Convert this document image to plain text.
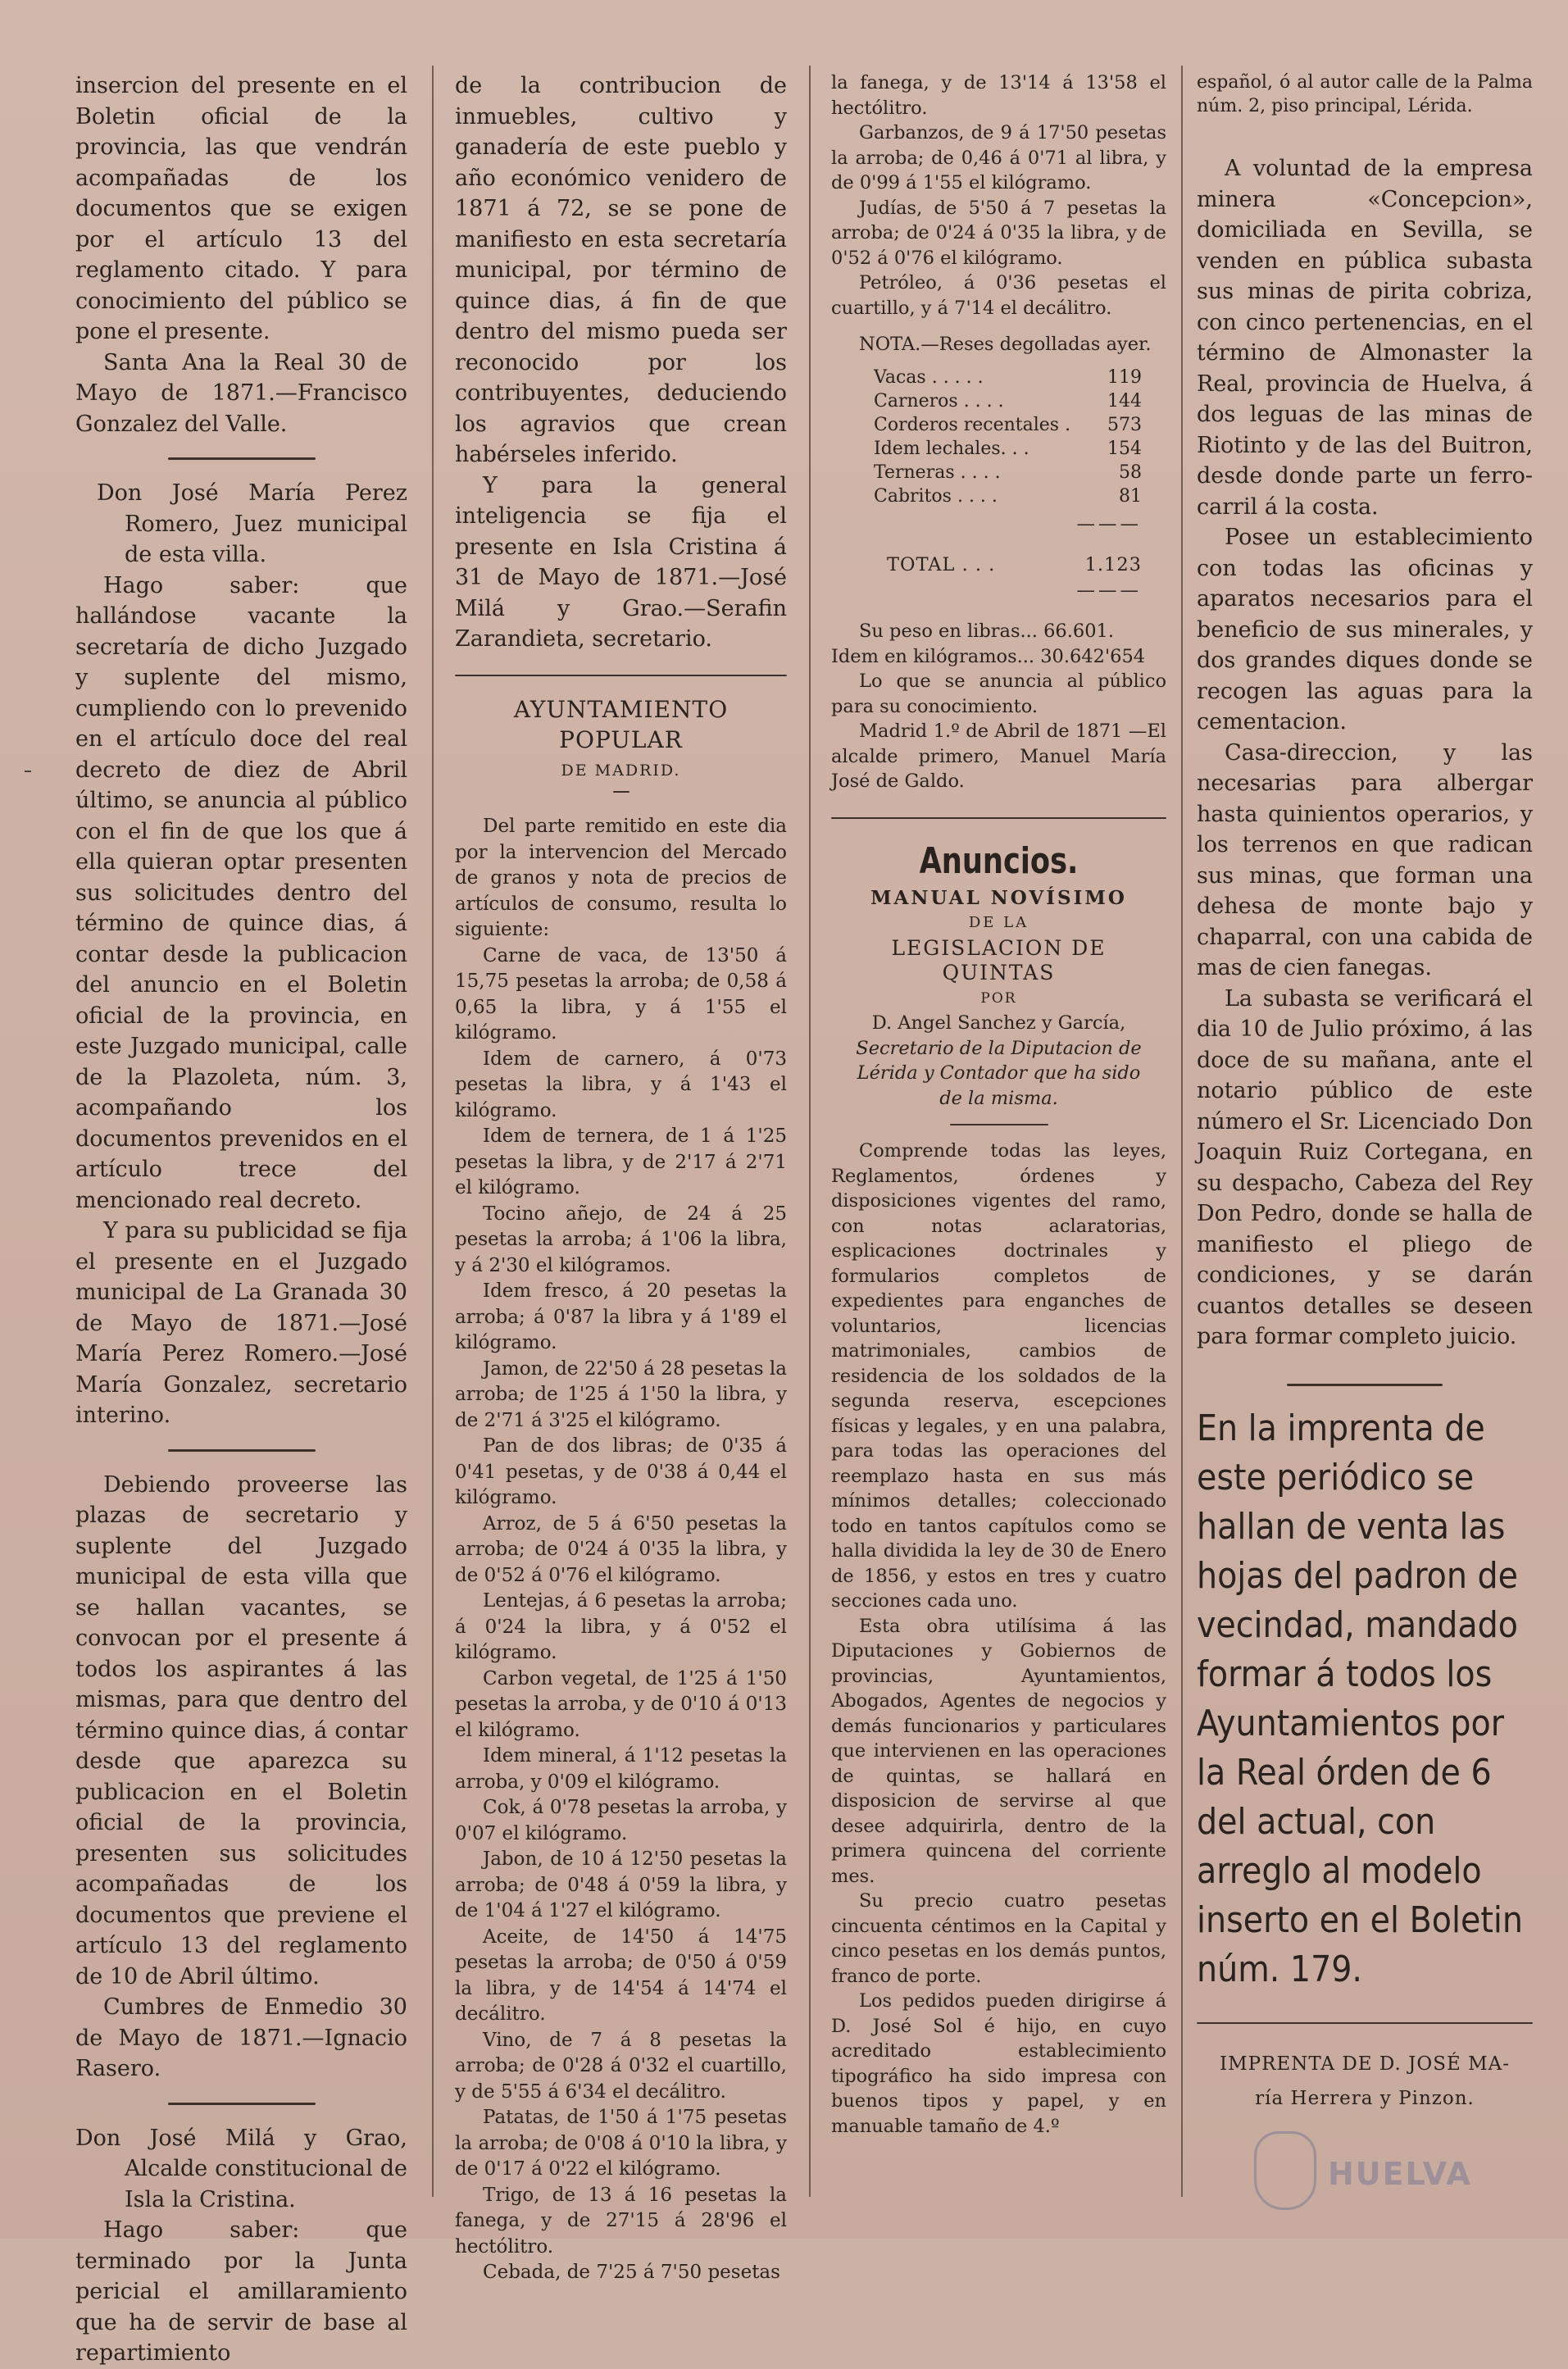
insercion del presente en el Boletin oficial de la provincia, las que vendrán acompañadas de los documentos que se exigen por el artículo 13 del reglamento citado. Y para conocimiento del público se pone el presente.

Santa Ana la Real 30 de Mayo de 1871.—Francisco Gonzalez del Valle.

Don José María Perez Romero, Juez municipal de esta villa.

Hago saber: que hallándose vacante la secretaría de dicho Juzgado y suplente del mismo, cumpliendo con lo prevenido en el artículo doce del real decreto de diez de Abril último, se anuncia al público con el fin de que los que á ella quieran optar presenten sus solicitudes dentro del término de quince dias, á contar desde la publicacion del anuncio en el Boletin oficial de la provincia, en este Juzgado municipal, calle de la Plazoleta, núm. 3, acompañando los documentos prevenidos en el artículo trece del mencionado real decreto.

Y para su publicidad se fija el presente en el Juzgado municipal de La Granada 30 de Mayo de 1871.—José María Perez Romero.—José María Gonzalez, secretario interino.

Debiendo proveerse las plazas de secretario y suplente del Juzgado municipal de esta villa que se hallan vacantes, se convocan por el presente á todos los aspirantes á las mismas, para que dentro del término quince dias, á contar desde que aparezca su publicacion en el Boletin oficial de la provincia, presenten sus solicitudes acompañadas de los documentos que previene el artículo 13 del reglamento de 10 de Abril último.

Cumbres de Enmedio 30 de Mayo de 1871.—Ignacio Rasero.

Don José Milá y Grao, Alcalde constitucional de Isla la Cristina.

Hago saber: que terminado por la Junta pericial el amillaramiento que ha de servir de base al repartimiento

de la contribucion de inmuebles, cultivo y ganadería de este pueblo y año económico venidero de 1871 á 72, se se pone de manifiesto en esta secretaría municipal, por término de quince dias, á fin de que dentro del mismo pueda ser reconocido por los contribuyentes, deduciendo los agravios que crean habérseles inferido.

Y para la general inteligencia se fija el presente en Isla Cristina á 31 de Mayo de 1871.—José Milá y Grao.—Serafin Zarandieta, secretario.

AYUNTAMIENTO POPULAR

DE MADRID.

Del parte remitido en este dia por la intervencion del Mercado de granos y nota de precios de artículos de consumo, resulta lo siguiente:

Carne de vaca, de 13'50 á 15,75 pesetas la arroba; de 0,58 á 0,65 la libra, y á 1'55 el kilógramo.

Idem de carnero, á 0'73 pesetas la libra, y á 1'43 el kilógramo.

Idem de ternera, de 1 á 1'25 pesetas la libra, y de 2'17 á 2'71 el kilógramo.

Tocino añejo, de 24 á 25 pesetas la arroba; á 1'06 la libra, y á 2'30 el kilógramos.

Idem fresco, á 20 pesetas la arroba; á 0'87 la libra y á 1'89 el kilógramo.

Jamon, de 22'50 á 28 pesetas la arroba; de 1'25 á 1'50 la libra, y de 2'71 á 3'25 el kilógramo.

Pan de dos libras; de 0'35 á 0'41 pesetas, y de 0'38 á 0,44 el kilógramo.

Arroz, de 5 á 6'50 pesetas la arroba; de 0'24 á 0'35 la libra, y de 0'52 á 0'76 el kilógramo.

Lentejas, á 6 pesetas la arroba; á 0'24 la libra, y á 0'52 el kilógramo.

Carbon vegetal, de 1'25 á 1'50 pesetas la arroba, y de 0'10 á 0'13 el kilógramo.

Idem mineral, á 1'12 pesetas la arroba, y 0'09 el kilógramo.

Cok, á 0'78 pesetas la arroba, y 0'07 el kilógramo.

Jabon, de 10 á 12'50 pesetas la arroba; de 0'48 á 0'59 la libra, y de 1'04 á 1'27 el kilógramo.

Aceite, de 14'50 á 14'75 pesetas la arroba; de 0'50 á 0'59 la libra, y de 14'54 á 14'74 el decálitro.

Vino, de 7 á 8 pesetas la arroba; de 0'28 á 0'32 el cuartillo, y de 5'55 á 6'34 el decálitro.

Patatas, de 1'50 á 1'75 pesetas la arroba; de 0'08 á 0'10 la libra, y de 0'17 á 0'22 el kilógramo.

Trigo, de 13 á 16 pesetas la fanega, y de 27'15 á 28'96 el hectólitro.

Cebada, de 7'25 á 7'50 pesetas

la fanega, y de 13'14 á 13'58 el hectólitro.

Garbanzos, de 9 á 17'50 pesetas la arroba; de 0,46 á 0'71 al libra, y de 0'99 á 1'55 el kilógramo.

Judías, de 5'50 á 7 pesetas la arroba; de 0'24 á 0'35 la libra, y de 0'52 á 0'76 el kilógramo.

Petróleo, á 0'36 pesetas el cuartillo, y á 7'14 el decálitro.

NOTA.—Reses degolladas ayer.

Vacas . . . . .	119
Carneros . . . .	144
Corderos recentales .	573
Idem lechales. . .	154
Terneras . . . .	58
Cabritos . . . .	81
———
TOTAL . . .	1.123
———

Su peso en libras... 66.601.

Idem en kilógramos... 30.642'654

Lo que se anuncia al público para su conocimiento.

Madrid 1.º de Abril de 1871 —El alcalde primero, Manuel María José de Galdo.

Anuncios.

MANUAL NOVÍSIMO

DE LA

LEGISLACION DE QUINTAS

POR

D. Angel Sanchez y García,

Secretario de la Diputacion de Lérida y Contador que ha sido de la misma.

Comprende todas las leyes, Reglamentos, órdenes y disposiciones vigentes del ramo, con notas aclaratorias, esplicaciones doctrinales y formularios completos de expedientes para enganches de voluntarios, licencias matrimoniales, cambios de residencia de los soldados de la segunda reserva, escepciones físicas y legales, y en una palabra, para todas las operaciones del reemplazo hasta en sus más mínimos detalles; coleccionado todo en tantos capítulos como se halla dividida la ley de 30 de Enero de 1856, y estos en tres y cuatro secciones cada uno.

Esta obra utilísima á las Diputaciones y Gobiernos de provincias, Ayuntamientos, Abogados, Agentes de negocios y demás funcionarios y particulares que intervienen en las operaciones de quintas, se hallará en disposicion de servirse al que desee adquirirla, dentro de la primera quincena del corriente mes.

Su precio cuatro pesetas cincuenta céntimos en la Capital y cinco pesetas en los demás puntos, franco de porte.

Los pedidos pueden dirigirse á D. José Sol é hijo, en cuyo acreditado establecimiento tipográfico ha sido impresa con buenos tipos y papel, y en manuable tamaño de 4.º

español, ó al autor calle de la Palma núm. 2, piso principal, Lérida.

A voluntad de la empresa minera «Concepcion», domiciliada en Sevilla, se venden en pública subasta sus minas de pirita cobriza, con cinco pertenencias, en el término de Almonaster la Real, provincia de Huelva, á dos leguas de las minas de Riotinto y de las del Buitron, desde donde parte un ferro-carril á la costa.

Posee un establecimiento con todas las oficinas y aparatos necesarios para el beneficio de sus minerales, y dos grandes diques donde se recogen las aguas para la cementacion.

Casa-direccion, y las necesarias para albergar hasta quinientos operarios, y los terrenos en que radican sus minas, que forman una dehesa de monte bajo y chaparral, con una cabida de mas de cien fanegas.

La subasta se verificará el dia 10 de Julio próximo, á las doce de su mañana, ante el notario público de este número el Sr. Licenciado Don Joaquin Ruiz Cortegana, en su despacho, Cabeza del Rey Don Pedro, donde se halla de manifiesto el pliego de condiciones, y se darán cuantos detalles se deseen para formar completo juicio.

En la imprenta de este periódico se hallan de venta las hojas del padron de vecindad, mandado formar á todos los Ayuntamientos por la Real órden de 6 del actual, con arreglo al modelo inserto en el Boletin núm. 179.

IMPRENTA DE D. JOSÉ MA-

ría Herrera y Pinzon.

HUELVA
